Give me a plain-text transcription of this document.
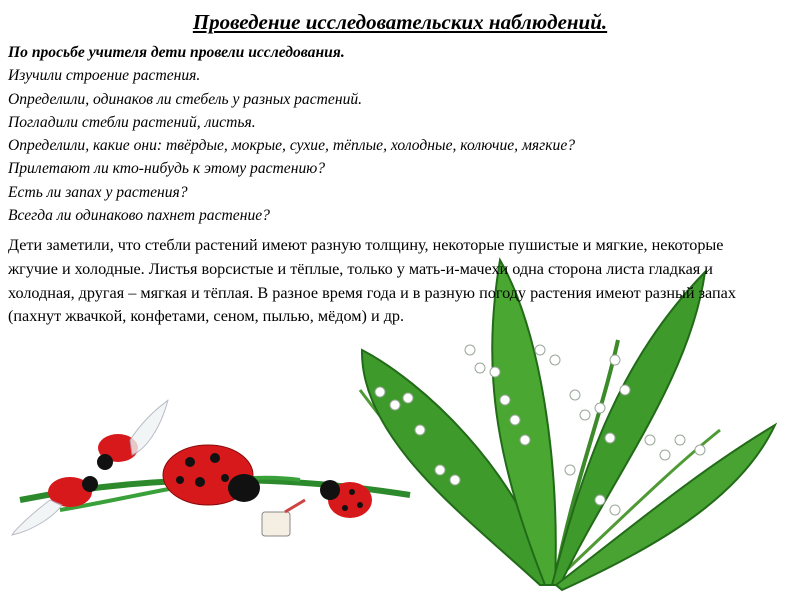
Проведение исследовательских наблюдений.

По просьбе учителя дети провели исследования.

Изучили строение растения.

Определили, одинаков ли стебель у разных растений.

Погладили стебли растений, листья.

Определили, какие они: твёрдые, мокрые, сухие, тёплые, холодные, колючие, мягкие?

Прилетают ли кто-нибудь к этому растению?

Есть ли запах у растения?

Всегда ли одинаково пахнет растение?

Дети заметили, что стебли растений имеют разную толщину, некоторые пушистые и мягкие, некоторые жгучие и холодные. Листья ворсистые и тёплые, только у мать-и-мачехи одна сторона листа гладкая и холодная, другая – мягкая и тёплая. В разное время года и в разную погоду растения имеют разный запах (пахнут жвачкой, конфетами, сеном, пылью, мёдом) и др.
